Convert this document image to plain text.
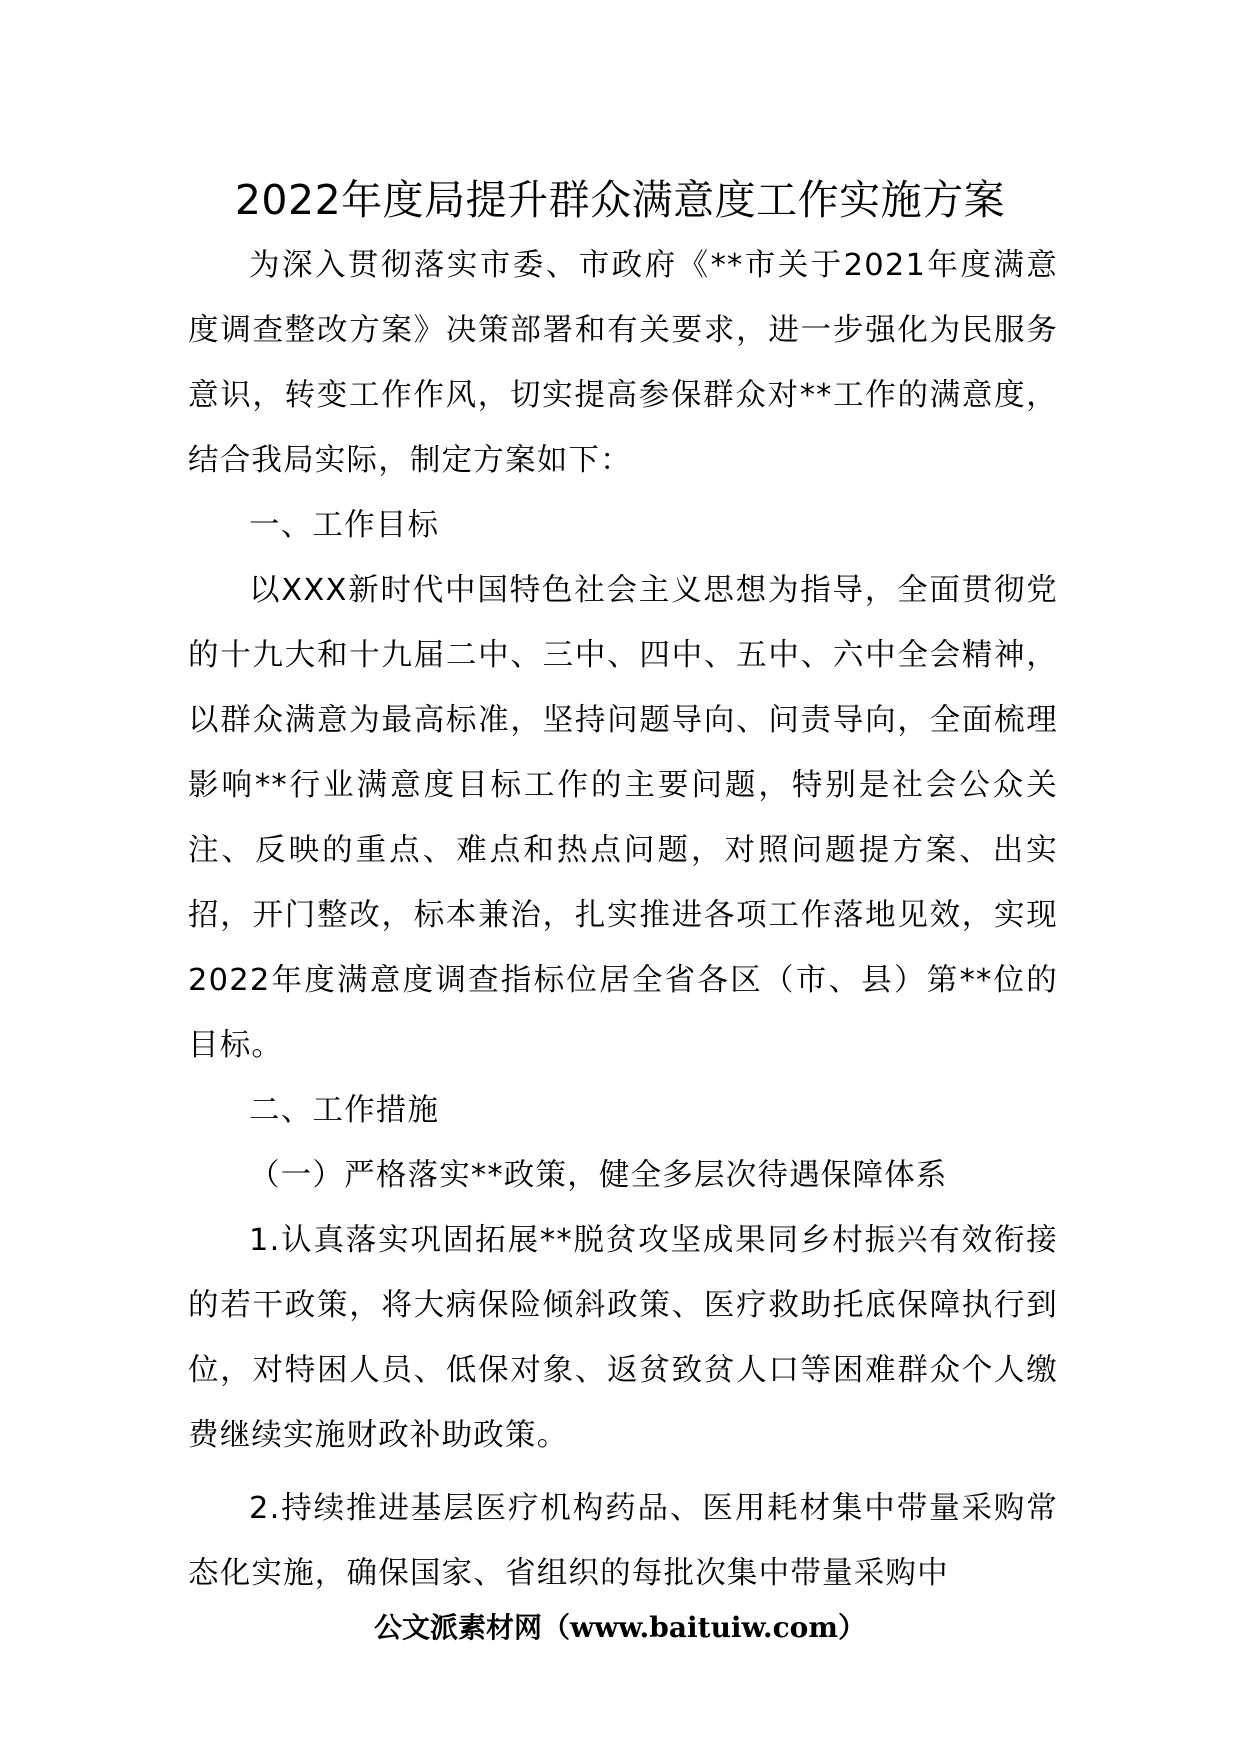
2022年度局提升群众满意度工作实施方案

为深入贯彻落实市委、市政府《**市关于2021年度满意度调查整改方案》决策部署和有关要求，进一步强化为民服务意识，转变工作作风，切实提高参保群众对**工作的满意度，结合我局实际，制定方案如下：

一、工作目标

以XXX新时代中国特色社会主义思想为指导，全面贯彻党的十九大和十九届二中、三中、四中、五中、六中全会精神，以群众满意为最高标准，坚持问题导向、问责导向，全面梳理影响**行业满意度目标工作的主要问题，特别是社会公众关注、反映的重点、难点和热点问题，对照问题提方案、出实招，开门整改，标本兼治，扎实推进各项工作落地见效，实现2022年度满意度调查指标位居全省各区（市、县）第**位的目标。

二、工作措施

（一）严格落实**政策，健全多层次待遇保障体系

1.认真落实巩固拓展**脱贫攻坚成果同乡村振兴有效衔接的若干政策，将大病保险倾斜政策、医疗救助托底保障执行到位，对特困人员、低保对象、返贫致贫人口等困难群众个人缴费继续实施财政补助政策。

2.持续推进基层医疗机构药品、医用耗材集中带量采购常态化实施，确保国家、省组织的每批次集中带量采购中

公文派素材网（www.baituiw.com）
